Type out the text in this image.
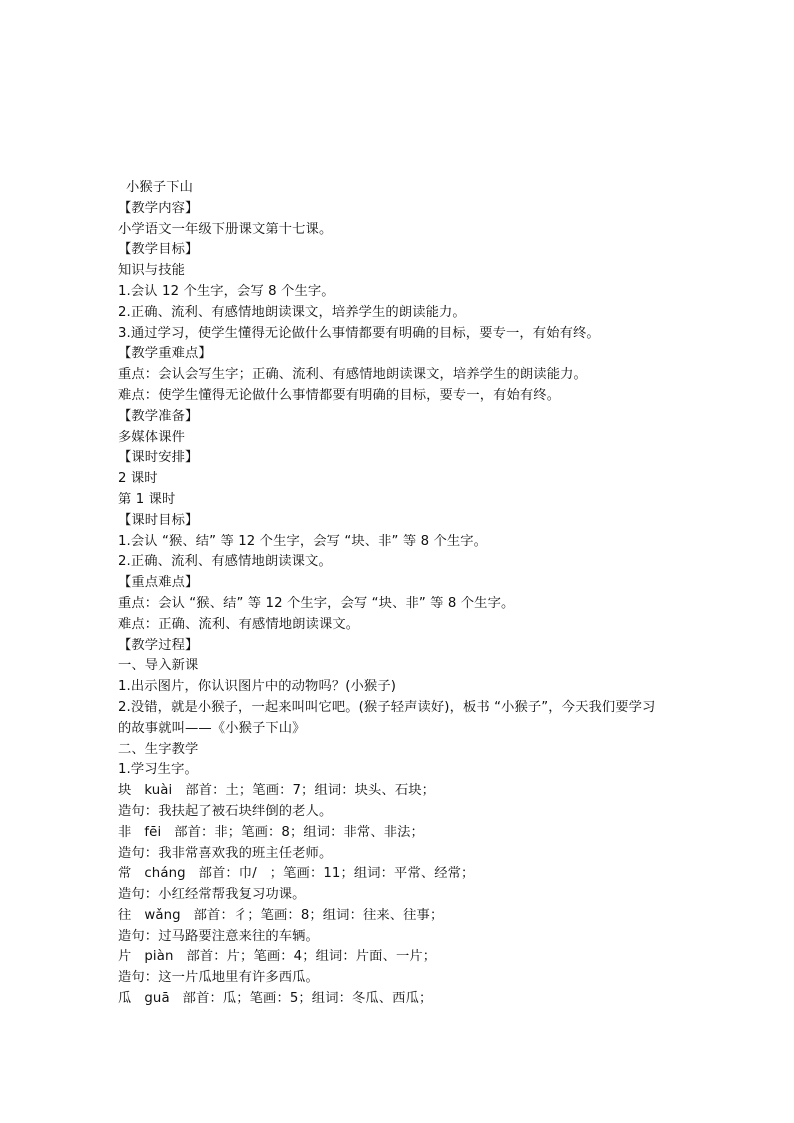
小猴子下山
【教学内容】
小学语文一年级下册课文第十七课。
【教学目标】
知识与技能
1.会认 12 个生字，会写 8 个生字。
2.正确、流利、有感情地朗读课文，培养学生的朗读能力。
3.通过学习，使学生懂得无论做什么事情都要有明确的目标，要专一，有始有终。
【教学重难点】
重点：会认会写生字；正确、流利、有感情地朗读课文，培养学生的朗读能力。
难点：使学生懂得无论做什么事情都要有明确的目标，要专一，有始有终。
【教学准备】
多媒体课件
【课时安排】
2 课时
第 1 课时
【课时目标】
1.会认 “猴、结” 等 12 个生字，会写 “块、非” 等 8 个生字。
2.正确、流利、有感情地朗读课文。
【重点难点】
重点：会认 “猴、结” 等 12 个生字，会写 “块、非” 等 8 个生字。
难点：正确、流利、有感情地朗读课文。
【教学过程】
一、导入新课
1.出示图片，你认识图片中的动物吗？(小猴子)
2.没错，就是小猴子，一起来叫叫它吧。(猴子轻声读好)，板书 “小猴子”，今天我们要学习
的故事就叫——《小猴子下山》
二、生字教学
1.学习生字。
块   kuài   部首：土；笔画：7；组词：块头、石块；
造句：我扶起了被石块绊倒的老人。
非   fēi   部首：非；笔画：8；组词：非常、非法；
造句：我非常喜欢我的班主任老师。
常   cháng   部首：巾/   ；笔画：11；组词：平常、经常；
造句：小红经常帮我复习功课。
往   wǎng   部首：彳；笔画：8；组词：往来、往事；
造句：过马路要注意来往的车辆。
片   piàn   部首：片；笔画：4；组词：片面、一片；
造句：这一片瓜地里有许多西瓜。
瓜   guā   部首：瓜；笔画：5；组词：冬瓜、西瓜；
